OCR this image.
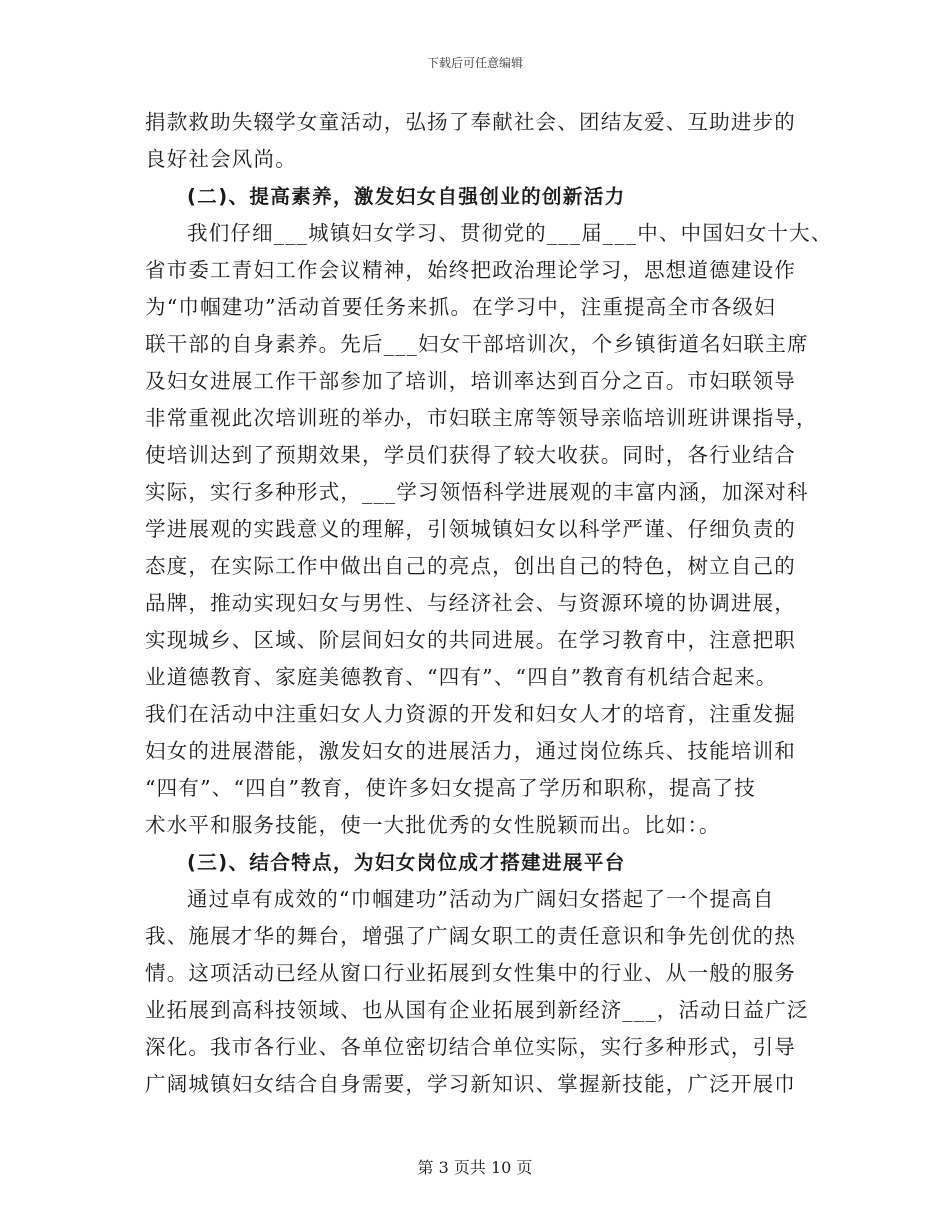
下载后可任意编辑
捐款救助失辍学女童活动，弘扬了奉献社会、团结友爱、互助进步的
良好社会风尚。
(二)、提高素养，激发妇女自强创业的创新活力
我们仔细___城镇妇女学习、贯彻党的___届___中、中国妇女十大、
省市委工青妇工作会议精神，始终把政治理论学习，思想道德建设作
为“巾帼建功”活动首要任务来抓。在学习中，注重提高全市各级妇
联干部的自身素养。先后___妇女干部培训次，个乡镇街道名妇联主席
及妇女进展工作干部参加了培训，培训率达到百分之百。市妇联领导
非常重视此次培训班的举办，市妇联主席等领导亲临培训班讲课指导，
使培训达到了预期效果，学员们获得了较大收获。同时，各行业结合
实际，实行多种形式，___学习领悟科学进展观的丰富内涵，加深对科
学进展观的实践意义的理解，引领城镇妇女以科学严谨、仔细负责的
态度，在实际工作中做出自己的亮点，创出自己的特色，树立自己的
品牌，推动实现妇女与男性、与经济社会、与资源环境的协调进展，
实现城乡、区域、阶层间妇女的共同进展。在学习教育中，注意把职
业道德教育、家庭美德教育、“四有”、“四自”教育有机结合起来。
我们在活动中注重妇女人力资源的开发和妇女人才的培育，注重发掘
妇女的进展潜能，激发妇女的进展活力，通过岗位练兵、技能培训和
“四有”、“四自”教育，使许多妇女提高了学历和职称，提高了技
术水平和服务技能，使一大批优秀的女性脱颖而出。比如：。
(三)、结合特点，为妇女岗位成才搭建进展平台
通过卓有成效的“巾帼建功”活动为广阔妇女搭起了一个提高自
我、施展才华的舞台，增强了广阔女职工的责任意识和争先创优的热
情。这项活动已经从窗口行业拓展到女性集中的行业、从一般的服务
业拓展到高科技领域、也从国有企业拓展到新经济___，活动日益广泛
深化。我市各行业、各单位密切结合单位实际，实行多种形式，引导
广阔城镇妇女结合自身需要，学习新知识、掌握新技能，广泛开展巾
第 3 页共 10 页
